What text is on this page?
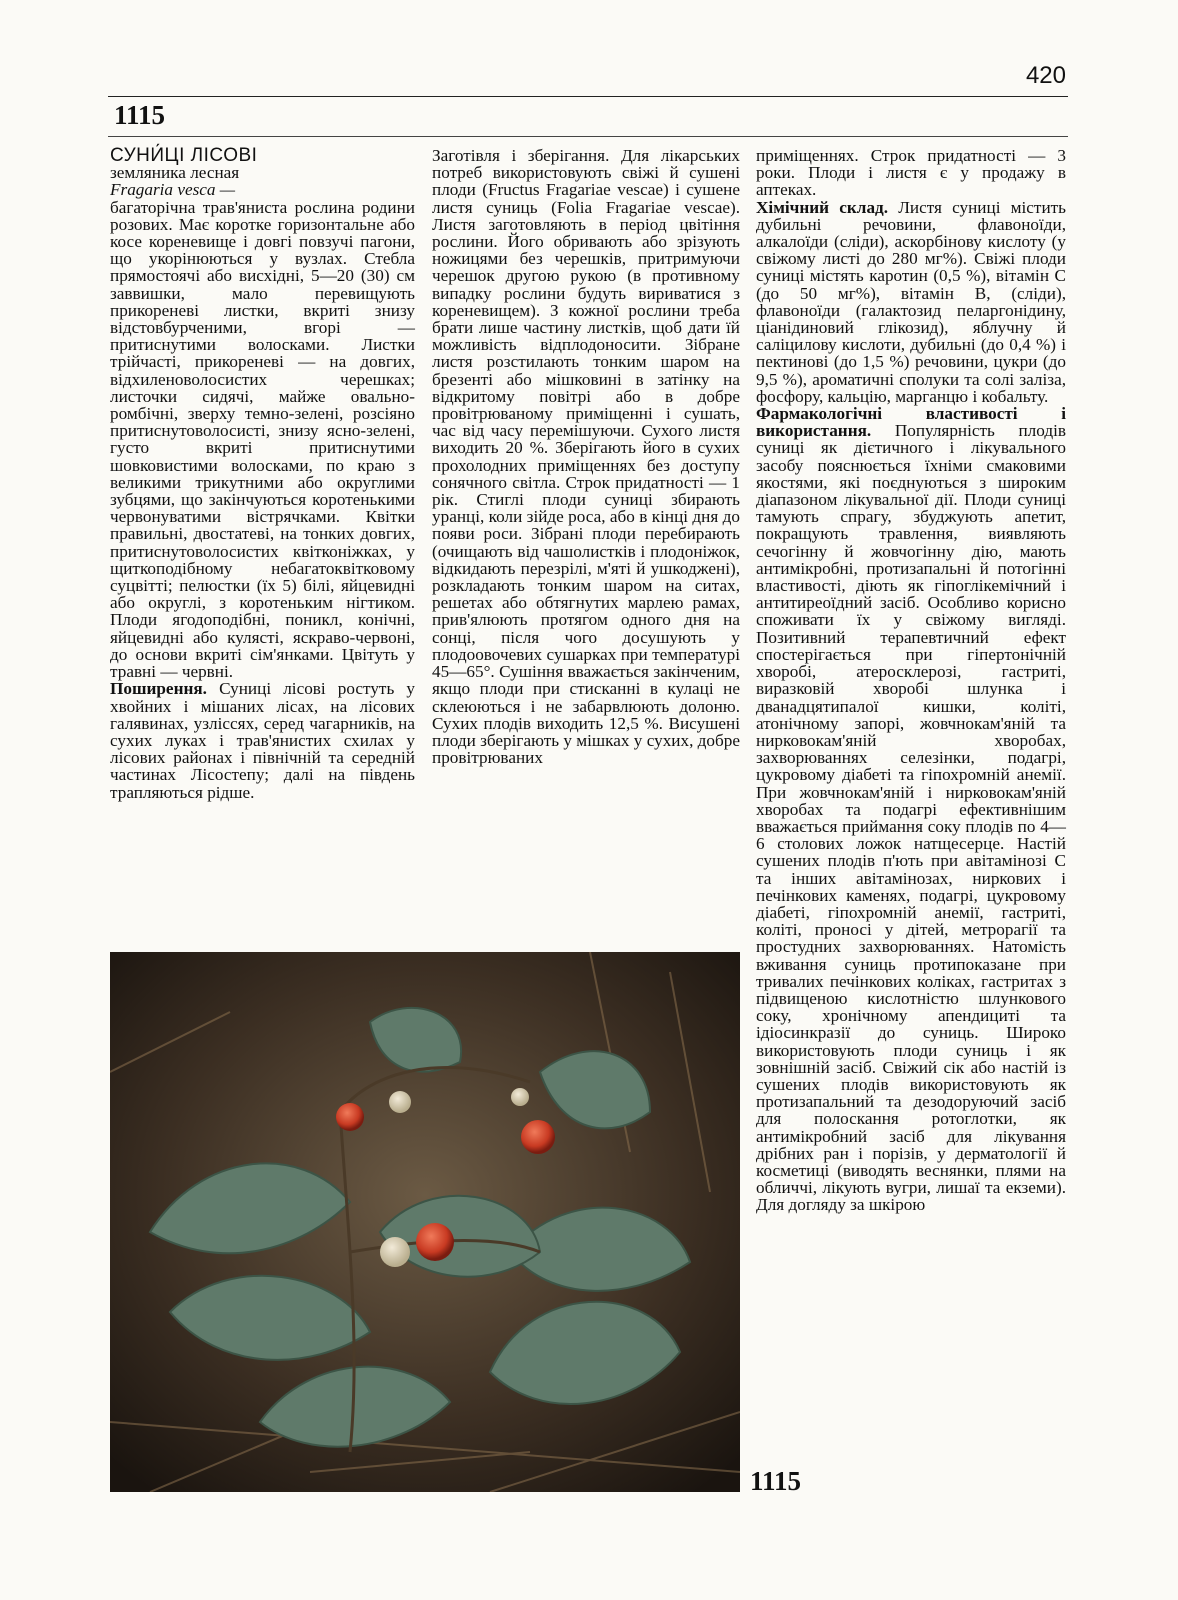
420
1115

СУНИ́ЦІ ЛІСОВІ

земляника лесная

Fragaria vesca —

багаторічна трав'яниста рослина родини розових. Має коротке горизонтальне або косе кореневище і довгі повзучі пагони, що укорінюються у вузлах. Стебла прямостоячі або висхідні, 5—20 (30) см заввишки, мало перевищують прикореневі листки, вкриті знизу відстовбурченими, вгорі — притиснутими волосками. Листки трійчасті, прикореневі — на довгих, відхиленоволосистих черешках; листочки сидячі, майже овально-ромбічні, зверху темно-зелені, розсіяно притиснутоволосисті, знизу ясно-зелені, густо вкриті притиснутими шовковистими волосками, по краю з великими трикутними або округлими зубцями, що закінчуються коротенькими червонуватими вістрячками. Квітки правильні, двостатеві, на тонких довгих, притиснутоволосистих квітконіжках, у щиткоподібному небагатоквітковому суцвітті; пелюстки (їх 5) білі, яйцевидні або округлі, з коротеньким нігтиком. Плоди ягодоподібні, поникл, конічні, яйцевидні або кулясті, яскраво-червоні, до основи вкриті сім'янками. Цвітуть у травні — червні.

Поширення. Суниці лісові ростуть у хвойних і мішаних лісах, на лісових галявинах, узліссях, серед чагарників, на сухих луках і трав'янистих схилах у лісових районах і північній та середній частинах Лісостепу; далі на південь трапляються рідше.

Заготівля і зберігання. Для лікарських потреб використовують свіжі й сушені плоди (Fructus Fragariae vescae) і сушене листя суниць (Folia Fragariae vescae). Листя заготовляють в період цвітіння рослини. Його обривають або зрізують ножицями без черешків, притримуючи черешок другою рукою (в противному випадку рослини будуть вириватися з кореневищем). З кожної рослини треба брати лише частину листків, щоб дати їй можливість відплодоносити. Зібране листя розстилають тонким шаром на брезенті або мішковині в затінку на відкритому повітрі або в добре провітрюваному приміщенні і сушать, час від часу перемішуючи. Сухого листя виходить 20 %. Зберігають його в сухих прохолодних приміщеннях без доступу сонячного світла. Строк придатності — 1 рік. Стиглі плоди суниці збирають уранці, коли зійде роса, або в кінці дня до появи роси. Зібрані плоди перебирають (очищають від чашолистків і плодоніжок, відкидають перезрілі, м'яті й ушкоджені), розкладають тонким шаром на ситах, решетах або обтягнутих марлею рамах, прив'ялюють протягом одного дня на сонці, після чого досушують у плодоовочевих сушарках при температурі 45—65°. Сушіння вважається закінченим, якщо плоди при стисканні в кулаці не склеюються і не забарвлюють долоню. Сухих плодів виходить 12,5 %. Висушені плоди зберігають у мішках у сухих, добре провітрюваних

приміщеннях. Строк придатності — 3 роки. Плоди і листя є у продажу в аптеках.

Хімічний склад. Листя суниці містить дубильні речовини, флавоноїди, алкалоїди (сліди), аскорбінову кислоту (у свіжому листі до 280 мг%). Свіжі плоди суниці містять каротин (0,5 %), вітамін С (до 50 мг%), вітамін В, (сліди), флавоноїди (галактозид пеларгонідину, ціанідиновий глікозид), яблучну й саліцилову кислоти, дубильні (до 0,4 %) і пектинові (до 1,5 %) речовини, цукри (до 9,5 %), ароматичні сполуки та солі заліза, фосфору, кальцію, марганцю і кобальту.

Фармакологічні властивості і використання. Популярність плодів суниці як дієтичного і лікувального засобу пояснюється їхніми смаковими якостями, які поєднуються з широким діапазоном лікувальної дії. Плоди суниці тамують спрагу, збуджують апетит, покращують травлення, виявляють сечогінну й жовчогінну дію, мають антимікробні, протизапальні й потогінні властивості, діють як гіпоглікемічний і антитиреоїдний засіб. Особливо корисно споживати їх у свіжому вигляді. Позитивний терапевтичний ефект спостерігається при гіпертонічній хворобі, атеросклерозі, гастриті, виразковій хворобі шлунка і дванадцятипалої кишки, коліті, атонічному запорі, жовчнокам'яній та нирковокам'яній хворобах, захворюваннях селезінки, подагрі, цукровому діабеті та гіпохромній анемії. При жовчнокам'яній і нирковокам'яній хворобах та подагрі ефективнішим вважається приймання соку плодів по 4—6 столових ложок натщесерце. Настій сушених плодів п'ють при авітамінозі С та інших авітамінозах, ниркових і печінкових каменях, подагрі, цукровому діабеті, гіпохромній анемії, гастриті, коліті, проносі у дітей, метрорагії та простудних захворюваннях. Натомість вживання суниць протипоказане при тривалих печінкових коліках, гастритах з підвищеною кислотністю шлункового соку, хронічному апендициті та ідіосинкразії до суниць. Широко використовують плоди суниць і як зовнішній засіб. Свіжий сік або настій із сушених плодів використовують як протизапальний та дезодоруючий засіб для полоскання ротоглотки, як антимікробний засіб для лікування дрібних ран і порізів, у дерматології й косметиці (виводять веснянки, плями на обличчі, лікують вугри, лишаї та екземи). Для догляду за шкірою

1115
